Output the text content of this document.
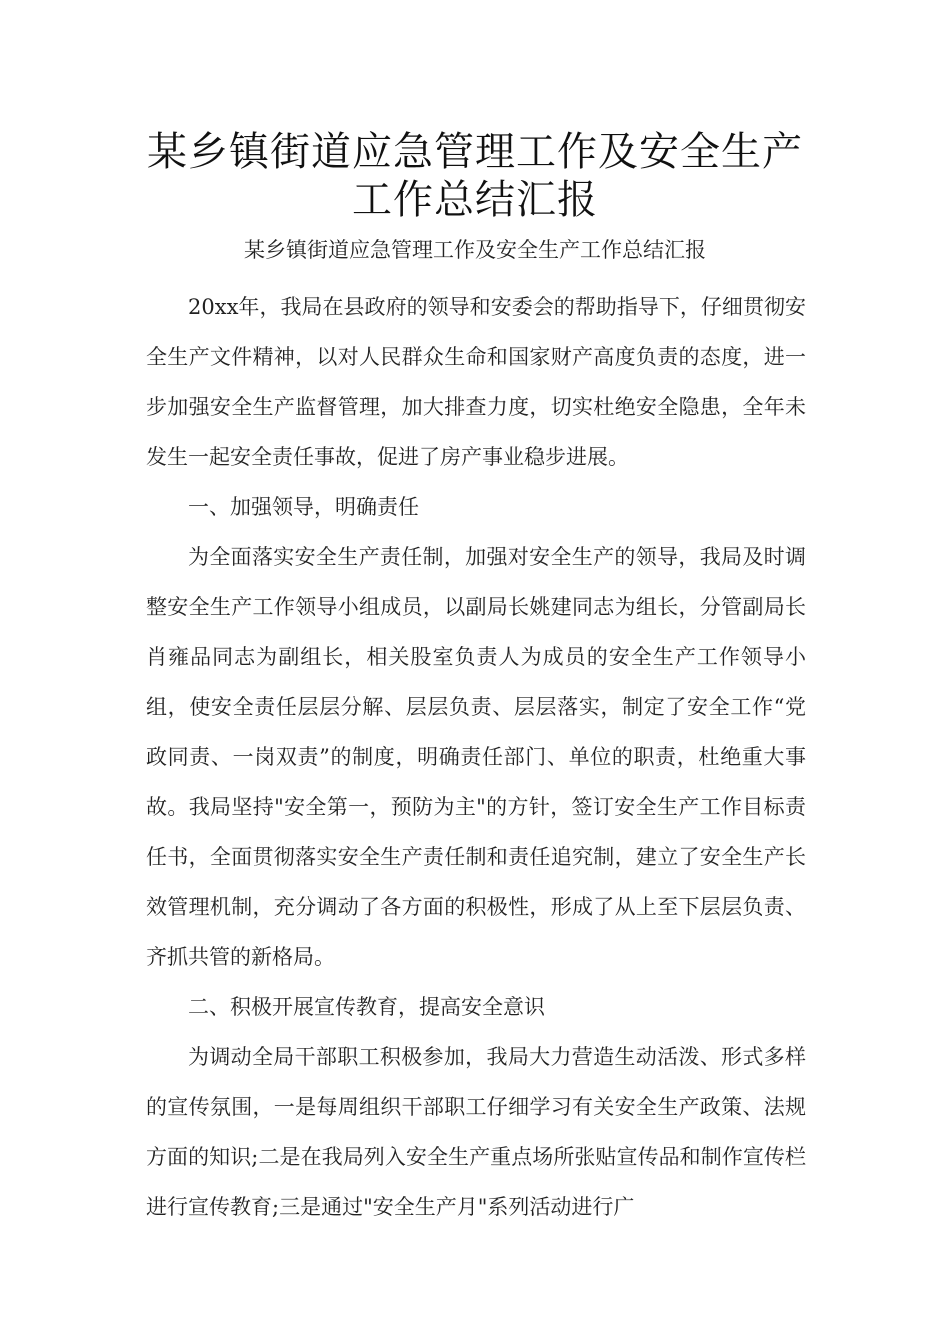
某乡镇街道应急管理工作及安全生产工作总结汇报
某乡镇街道应急管理工作及安全生产工作总结汇报

20xx年，我局在县政府的领导和安委会的帮助指导下，仔细贯彻安全生产文件精神，以对人民群众生命和国家财产高度负责的态度，进一步加强安全生产监督管理，加大排查力度，切实杜绝安全隐患，全年未发生一起安全责任事故，促进了房产事业稳步进展。

一、加强领导，明确责任

为全面落实安全生产责任制，加强对安全生产的领导，我局及时调整安全生产工作领导小组成员，以副局长姚建同志为组长，分管副局长肖雍品同志为副组长，相关股室负责人为成员的安全生产工作领导小组，使安全责任层层分解、层层负责、层层落实，制定了安全工作“党政同责、一岗双责”的制度，明确责任部门、单位的职责，杜绝重大事故。我局坚持"安全第一，预防为主"的方针，签订安全生产工作目标责任书，全面贯彻落实安全生产责任制和责任追究制，建立了安全生产长效管理机制，充分调动了各方面的积极性，形成了从上至下层层负责、齐抓共管的新格局。

二、积极开展宣传教育，提高安全意识

为调动全局干部职工积极参加，我局大力营造生动活泼、形式多样的宣传氛围，一是每周组织干部职工仔细学习有关安全生产政策、法规方面的知识;二是在我局列入安全生产重点场所张贴宣传品和制作宣传栏进行宣传教育;三是通过"安全生产月"系列活动进行广
